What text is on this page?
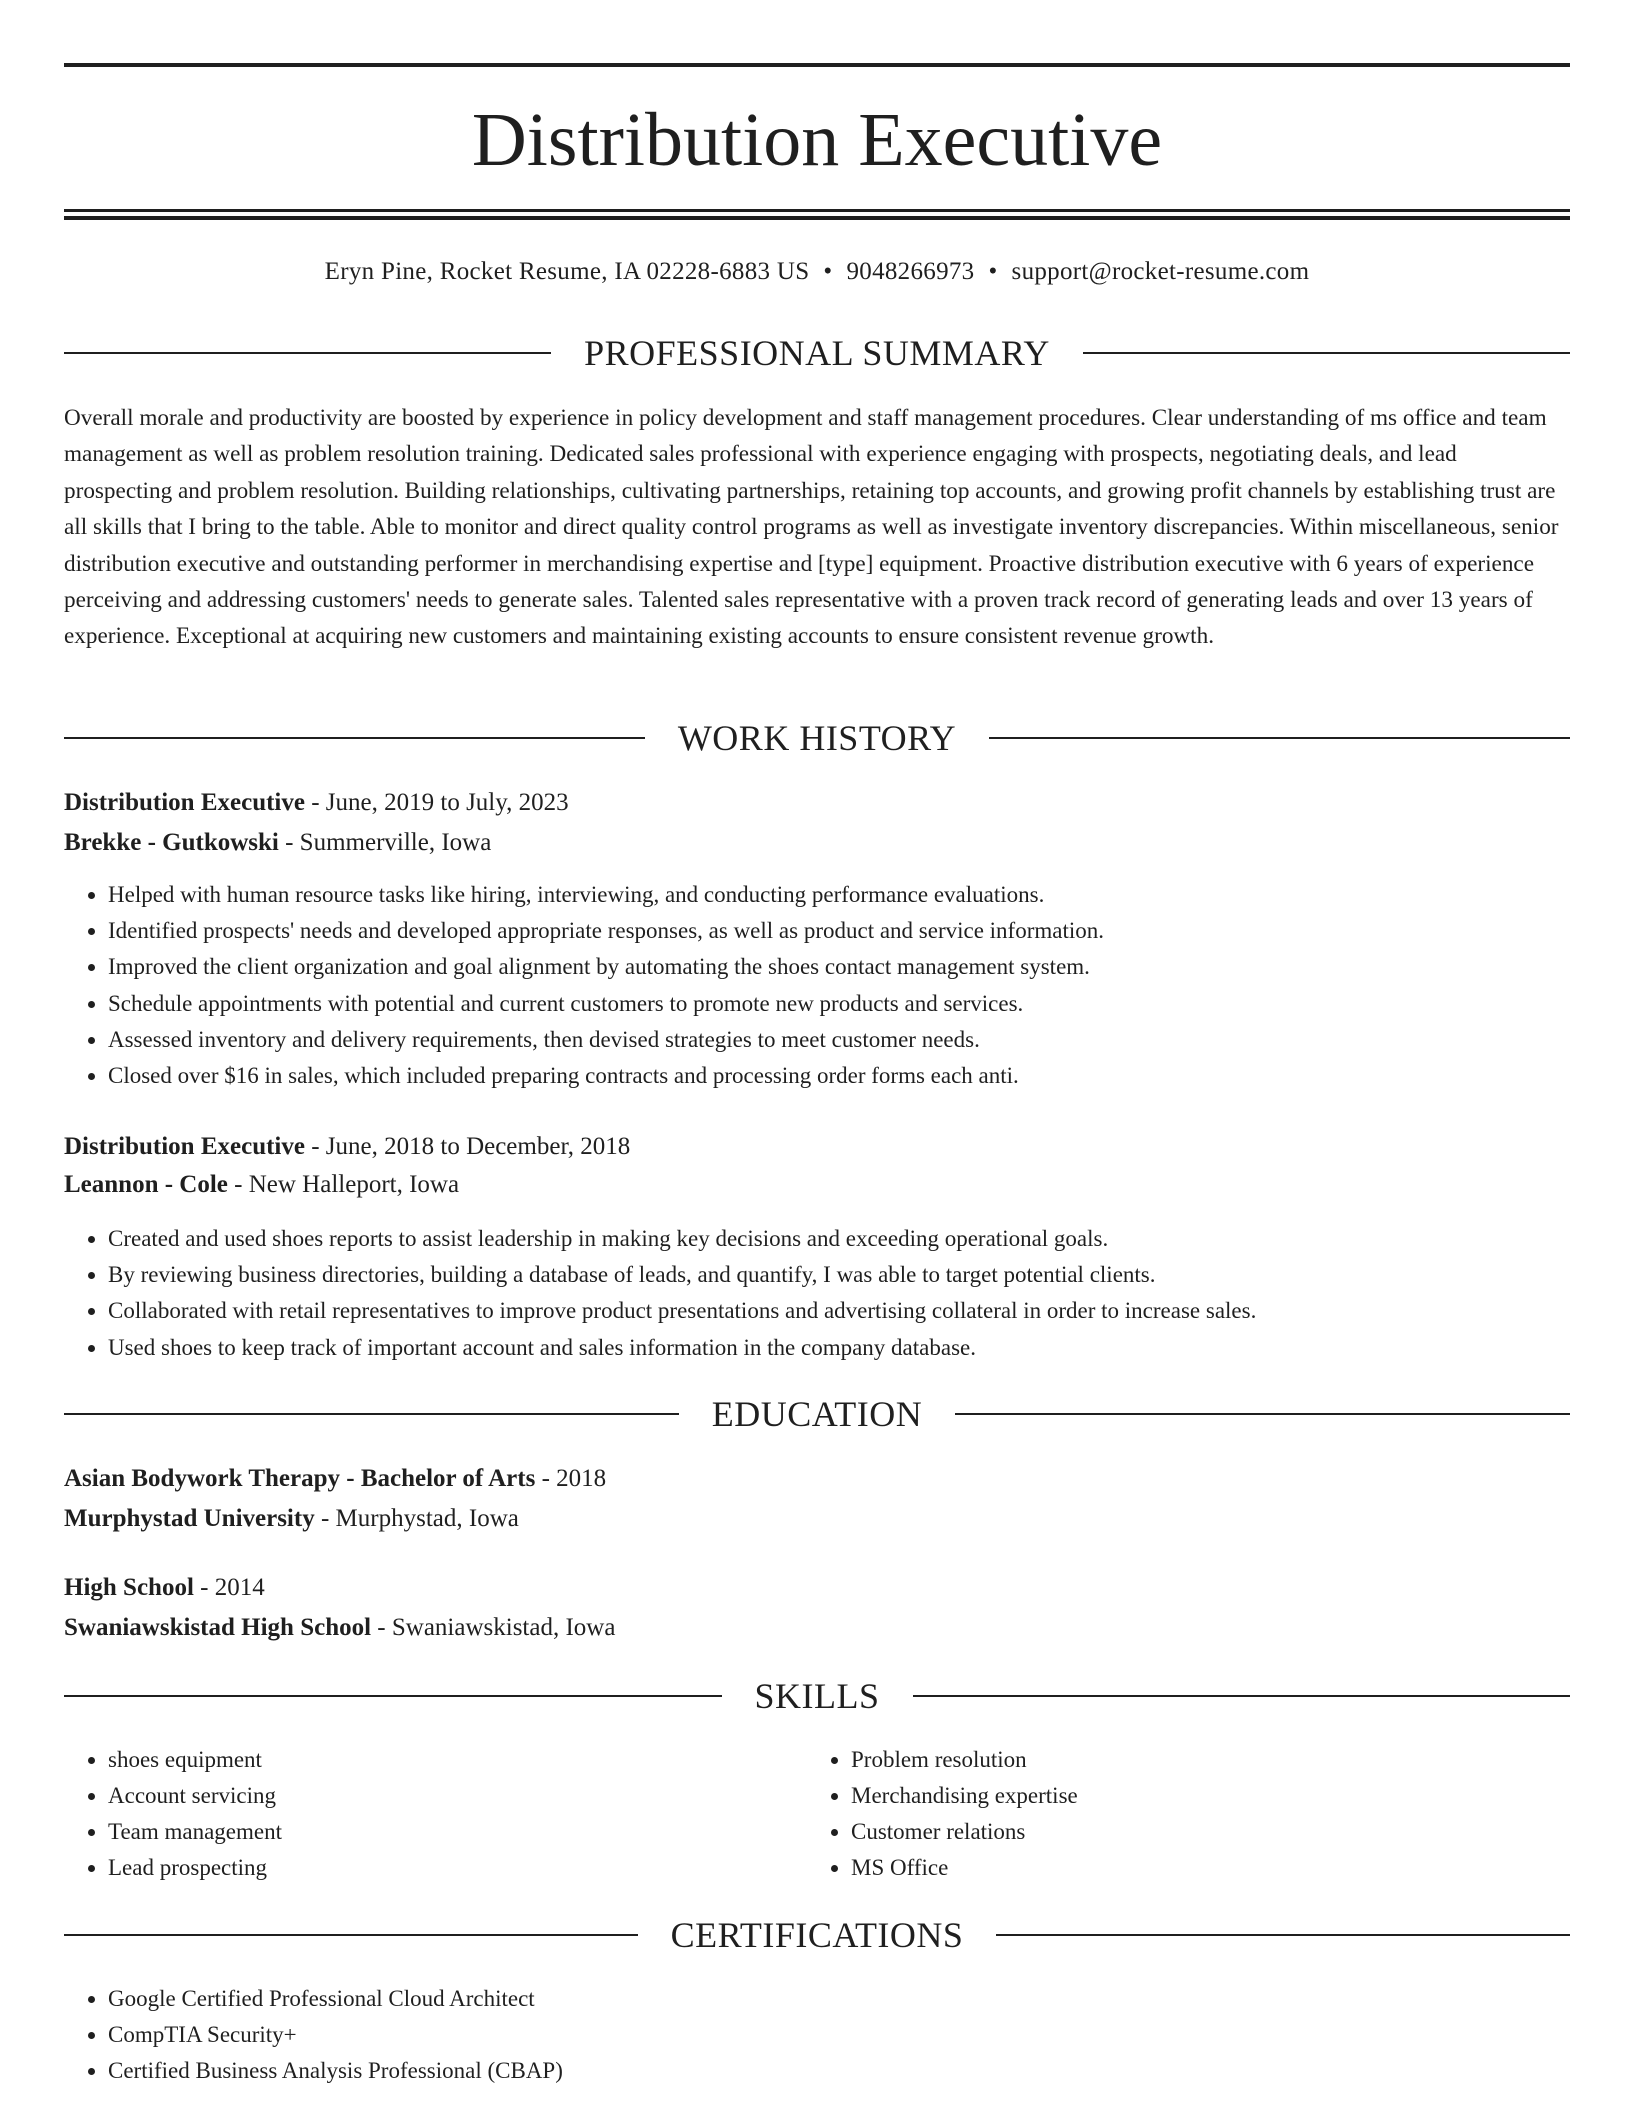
Distribution Executive
Eryn Pine, Rocket Resume, IA 02228-6883 US • 9048266973 • support@rocket-resume.com
PROFESSIONAL SUMMARY

Overall morale and productivity are boosted by experience in policy development and staff management procedures. Clear understanding of ms office and team management as well as problem resolution training. Dedicated sales professional with experience engaging with prospects, negotiating deals, and lead prospecting and problem resolution. Building relationships, cultivating partnerships, retaining top accounts, and growing profit channels by establishing trust are all skills that I bring to the table. Able to monitor and direct quality control programs as well as investigate inventory discrepancies. Within miscellaneous, senior distribution executive and outstanding performer in merchandising expertise and [type] equipment. Proactive distribution executive with 6 years of experience perceiving and addressing customers' needs to generate sales. Talented sales representative with a proven track record of generating leads and over 13 years of experience. Exceptional at acquiring new customers and maintaining existing accounts to ensure consistent revenue growth.

WORK HISTORY
Distribution Executive - June, 2019 to July, 2023
Brekke - Gutkowski - Summerville, Iowa
• Helped with human resource tasks like hiring, interviewing, and conducting performance evaluations.
• Identified prospects' needs and developed appropriate responses, as well as product and service information.
• Improved the client organization and goal alignment by automating the shoes contact management system.
• Schedule appointments with potential and current customers to promote new products and services.
• Assessed inventory and delivery requirements, then devised strategies to meet customer needs.
• Closed over $16 in sales, which included preparing contracts and processing order forms each anti.
Distribution Executive - June, 2018 to December, 2018
Leannon - Cole - New Halleport, Iowa
• Created and used shoes reports to assist leadership in making key decisions and exceeding operational goals.
• By reviewing business directories, building a database of leads, and quantify, I was able to target potential clients.
• Collaborated with retail representatives to improve product presentations and advertising collateral in order to increase sales.
• Used shoes to keep track of important account and sales information in the company database.
EDUCATION
Asian Bodywork Therapy - Bachelor of Arts - 2018
Murphystad University - Murphystad, Iowa
High School - 2014
Swaniawskistad High School - Swaniawskistad, Iowa
SKILLS
• shoes equipment
• Account servicing
• Team management
• Lead prospecting
• Problem resolution
• Merchandising expertise
• Customer relations
• MS Office
CERTIFICATIONS
• Google Certified Professional Cloud Architect
• CompTIA Security+
• Certified Business Analysis Professional (CBAP)
